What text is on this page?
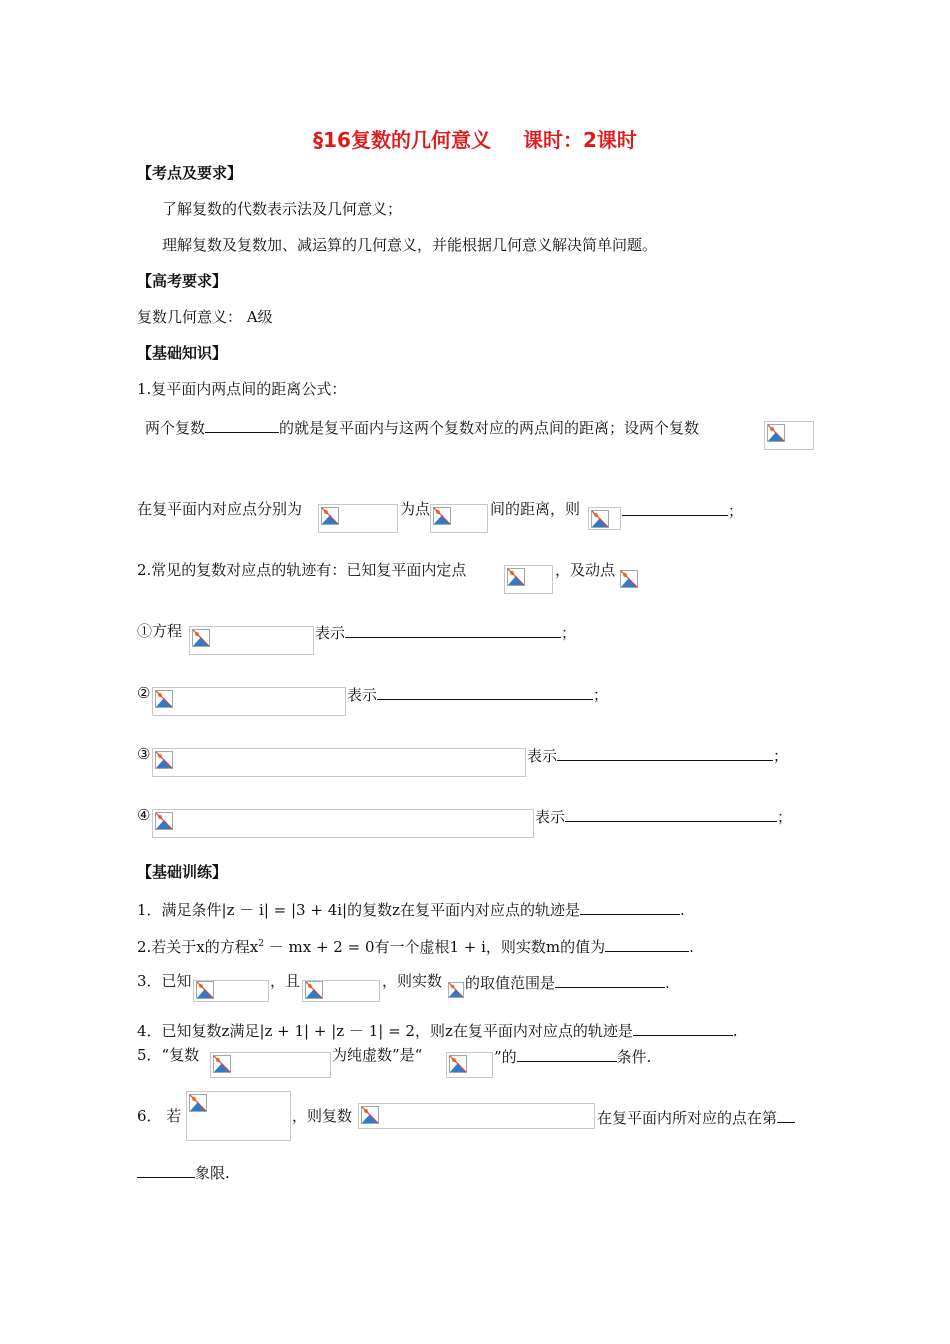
§16复数的几何意义 课时：2课时
【考点及要求】
了解复数的代数表示法及几何意义；
理解复数及复数加、减运算的几何意义，并能根据几何意义解决简单问题。
【高考要求】
复数几何意义： A级
【基础知识】
1.复平面内两点间的距离公式：
两个复数	的就是复平面内与这两个复数对应的两点间的距离；设两个复数
在复平面内对应点分别为	为点	间的距离，则	；
2.常见的复数对应点的轨迹有：已知复平面内定点	，及动点
①方程	表示	；
②	表示	；
③	表示	；
④	表示	；
【基础训练】
1．满足条件|z － i| = |3 + 4i|的复数z在复平面内对应点的轨迹是	.
2.若关于x的方程$x^2$ － mx + 2 = 0有一个虚根1 + i，则实数m的值为	.
3．已知	，且	，则实数 的取值范围是	.
4．已知复数z满足|z + 1| + |z － 1| = 2，则z在复平面内对应点的轨迹是	.
5．“复数	为纯虚数”是“	”的	条件.
6． 若	，则复数	在复平面内所对应的点在第
象限.
